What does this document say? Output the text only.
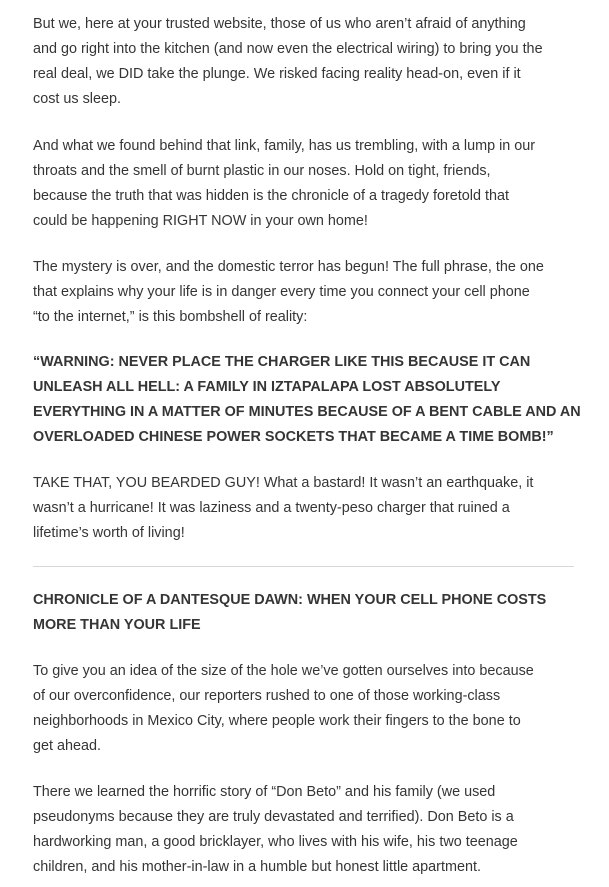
But we, here at your trusted website, those of us who aren’t afraid of anything
and go right into the kitchen (and now even the electrical wiring) to bring you the
real deal, we DID take the plunge. We risked facing reality head-on, even if it
cost us sleep.

And what we found behind that link, family, has us trembling, with a lump in our
throats and the smell of burnt plastic in our noses. Hold on tight, friends,
because the truth that was hidden is the chronicle of a tragedy foretold that
could be happening RIGHT NOW in your own home!

The mystery is over, and the domestic terror has begun! The full phrase, the one
that explains why your life is in danger every time you connect your cell phone
“to the internet,” is this bombshell of reality:

“WARNING: NEVER PLACE THE CHARGER LIKE THIS BECAUSE IT CAN
UNLEASH ALL HELL: A FAMILY IN IZTAPALAPA LOST ABSOLUTELY
EVERYTHING IN A MATTER OF MINUTES BECAUSE OF A BENT CABLE AND AN
OVERLOADED CHINESE POWER SOCKETS THAT BECAME A TIME BOMB!”

TAKE THAT, YOU BEARDED GUY! What a bastard! It wasn’t an earthquake, it
wasn’t a hurricane! It was laziness and a twenty-peso charger that ruined a
lifetime’s worth of living!

CHRONICLE OF A DANTESQUE DAWN: WHEN YOUR CELL PHONE COSTS
MORE THAN YOUR LIFE

To give you an idea of the size of the hole we’ve gotten ourselves into because
of our overconfidence, our reporters rushed to one of those working-class
neighborhoods in Mexico City, where people work their fingers to the bone to
get ahead.

There we learned the horrific story of “Don Beto” and his family (we used
pseudonyms because they are truly devastated and terrified). Don Beto is a
hardworking man, a good bricklayer, who lives with his wife, his two teenage
children, and his mother-in-law in a humble but honest little apartment.
